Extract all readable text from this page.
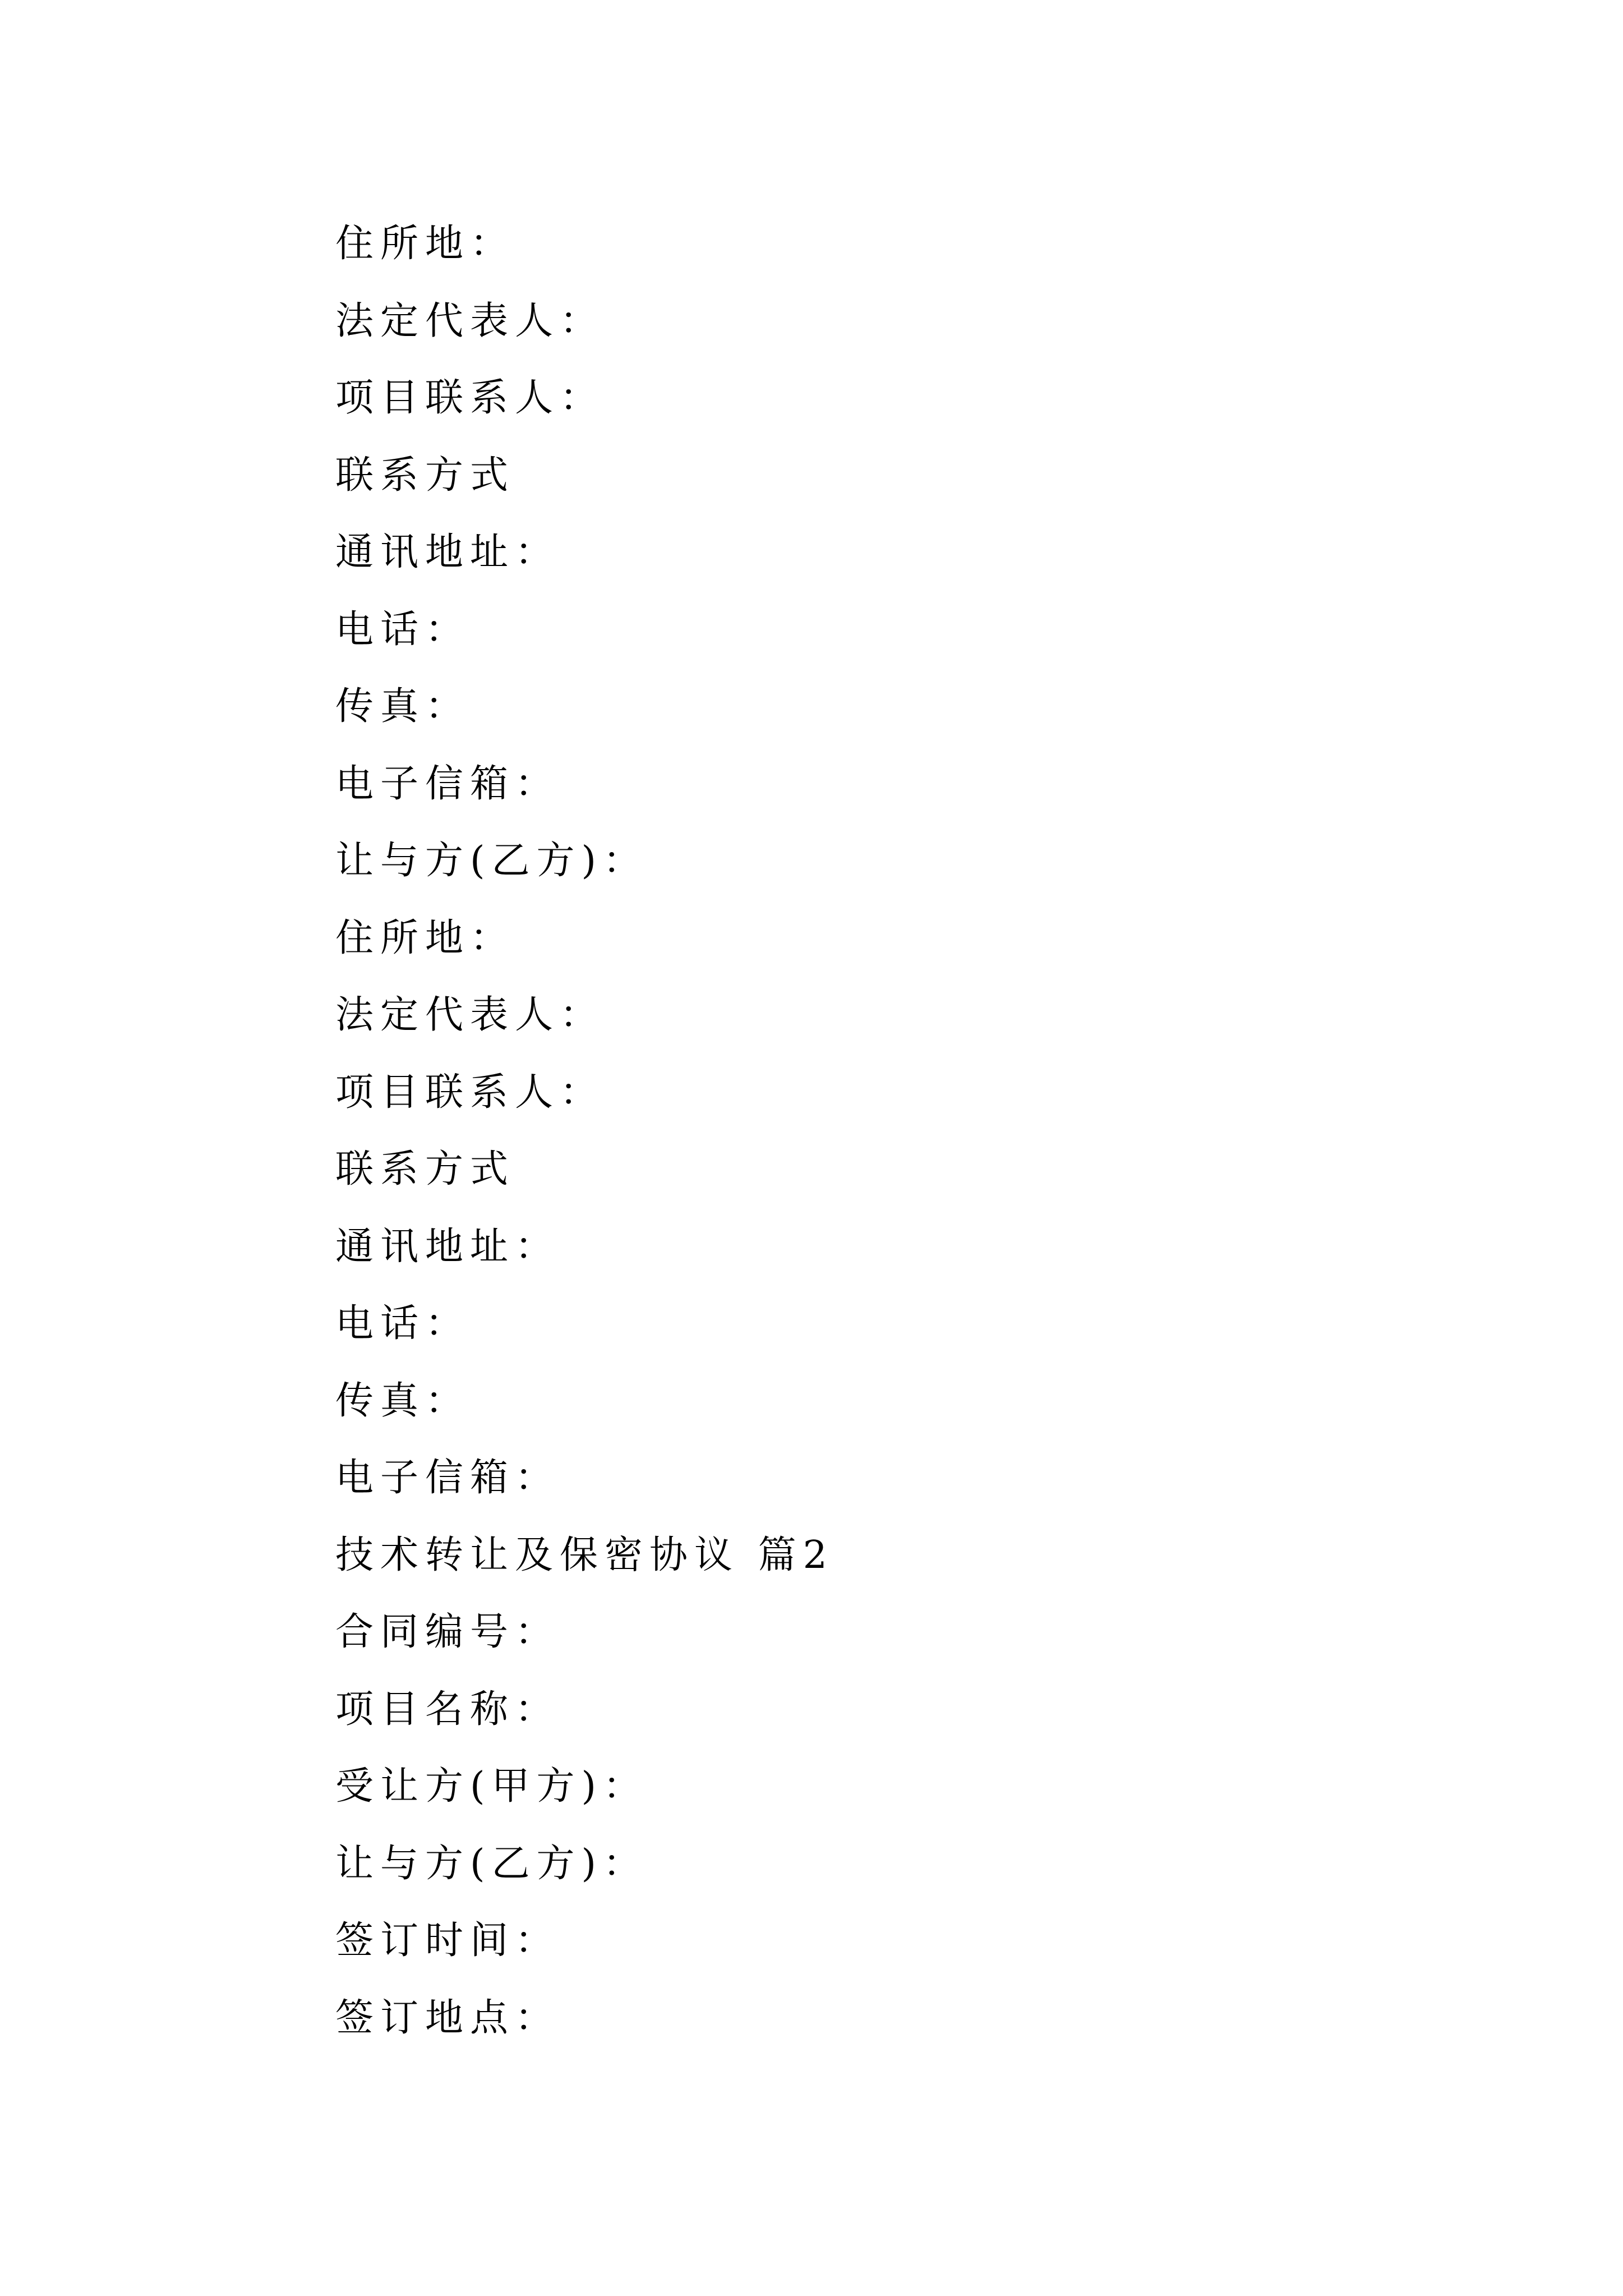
住所地：
法定代表人：
项目联系人：
联系方式
通讯地址：
电话：
传真：
电子信箱：
让与方(乙方)：
住所地：
法定代表人：
项目联系人：
联系方式
通讯地址：
电话：
传真：
电子信箱：
技术转让及保密协议 篇2
合同编号：
项目名称：
受让方(甲方)：
让与方(乙方)：
签订时间：
签订地点：
